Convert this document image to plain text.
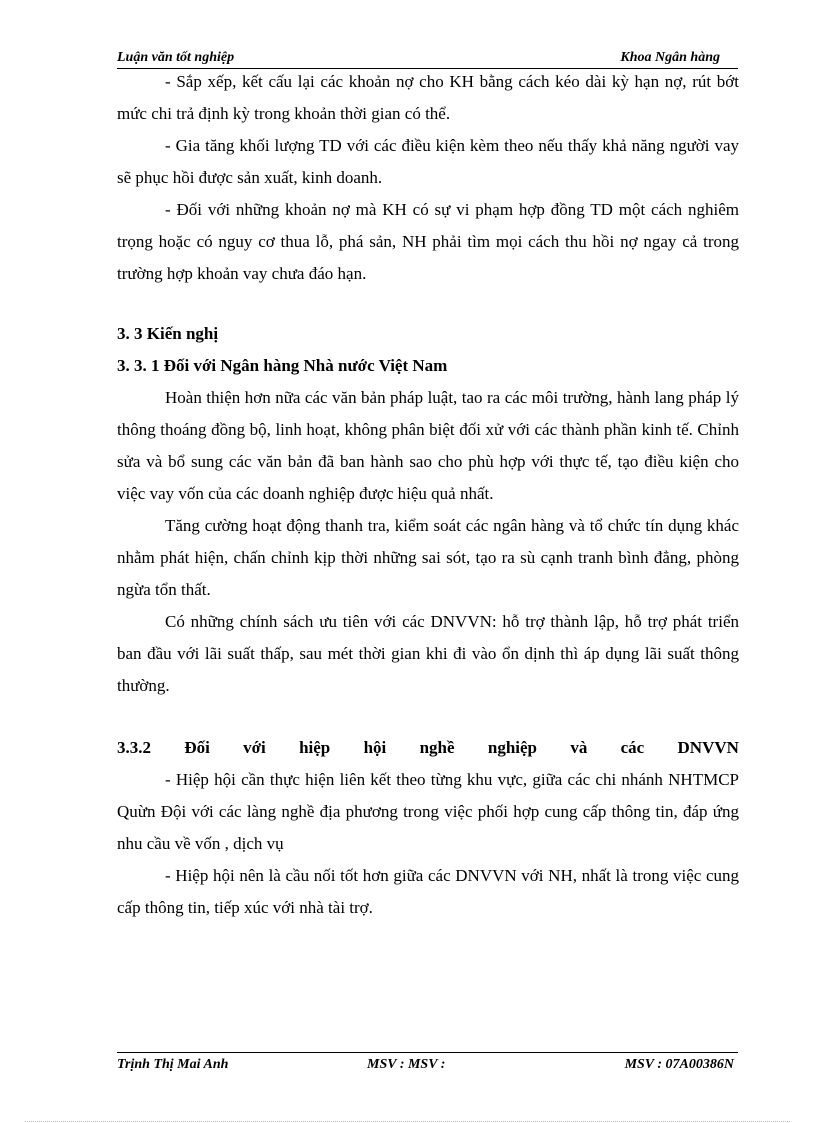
Luận văn tốt nghiệp	Khoa Ngân hàng

- Sắp xếp, kết cấu lại các khoản nợ cho KH bằng cách kéo dài kỳ hạn nợ, rút bớt mức chi trả định kỳ trong khoản thời gian có thể.

- Gia tăng khối lượng TD với các điều kiện kèm theo nếu thấy khả năng người vay sẽ phục hồi được sản xuất, kinh doanh.

- Đối với những khoản nợ mà KH có sự vi phạm hợp đồng TD một cách nghiêm trọng hoặc có nguy cơ thua lỗ, phá sản, NH phải tìm mọi cách thu hồi nợ ngay cả trong trường hợp khoản vay chưa đáo hạn.

3. 3 Kiến nghị

3. 3. 1 Đối với Ngân hàng Nhà nước Việt Nam

Hoàn thiện hơn nữa các văn bản pháp luật, tao ra các môi trường, hành lang pháp lý thông thoáng đồng bộ, linh hoạt, không phân biệt đối xử với các thành phần kinh tế. Chỉnh sửa và bổ sung các văn bản đã ban hành sao cho phù hợp với thực tế, tạo điều kiện cho việc vay vốn của các doanh nghiệp được hiệu quả nhất.

Tăng cường hoạt động thanh tra, kiểm soát các ngân hàng và tổ chức tín dụng khác nhằm phát hiện, chấn chỉnh kịp thời những sai sót, tạo ra sù cạnh tranh bình đẳng, phòng ngừa tổn thất.

Có những chính sách ưu tiên với các DNVVN: hỗ trợ thành lập, hỗ trợ phát triển ban đầu với lãi suất thấp, sau mét thời gian khi đi vào ổn dịnh thì áp dụng lãi suất thông thường.

3.3.2 Đối với hiệp hội nghề nghiệp và các DNVVN

- Hiệp hội cần thực hiện liên kết theo từng khu vực, giữa các chi nhánh NHTMCP Quừn Đội với các làng nghề địa phương trong việc phối hợp cung cấp thông tin, đáp ứng nhu cầu về vốn , dịch vụ

- Hiệp hội nên là cầu nối tốt hơn giữa các DNVVN với NH, nhất là trong việc cung cấp thông tin, tiếp xúc với nhà tài trợ.

Trịnh Thị Mai Anh	MSV : MSV :	MSV : 07A00386N
